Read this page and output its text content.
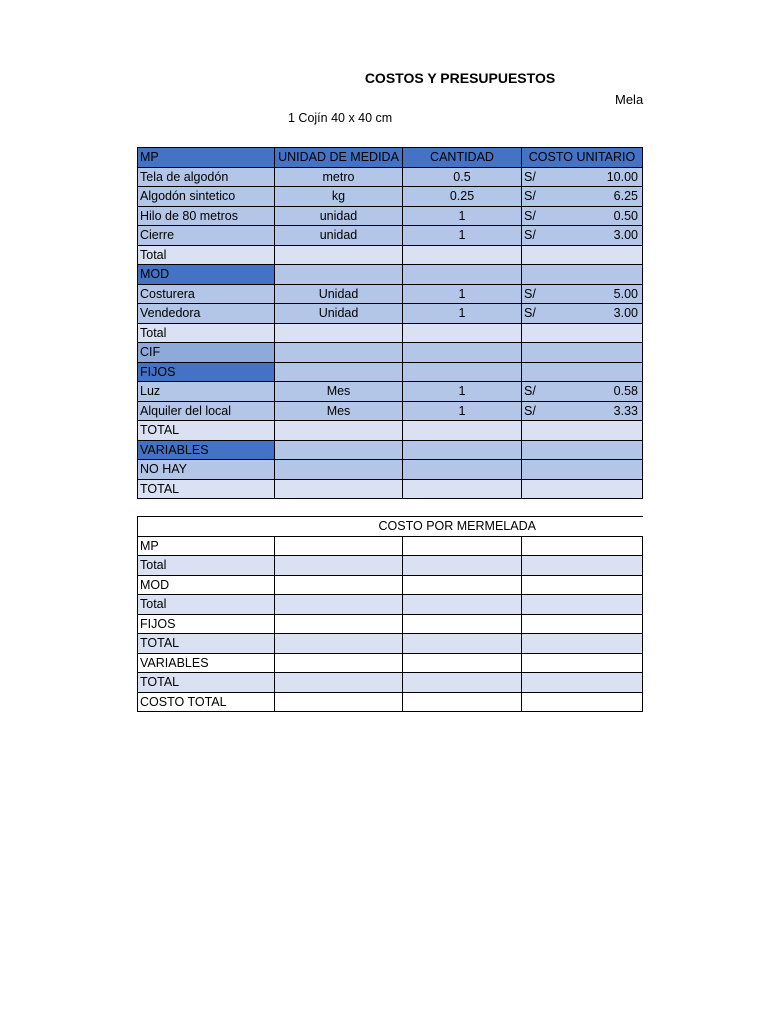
COSTOS Y PRESUPUESTOS
Mela
1 Cojín 40 x 40 cm
MP	UNIDAD DE MEDIDA	CANTIDAD	COSTO UNITARIO
Tela de algodón	metro	0.5	S/ 10.00

Algodón sintetico	kg	0.25	S/ 6.25

Hilo de 80 metros	unidad	1	S/ 0.50

Cierre	unidad	1	S/ 3.00

Total			
MOD			
Costurera	Unidad	1	S/ 5.00

Vendedora	Unidad	1	S/ 3.00

Total			
CIF			
FIJOS			
Luz	Mes	1	S/ 0.58

Alquiler del local	Mes	1	S/ 3.33

TOTAL			
VARIABLES			
NO HAY			
TOTAL			
	COSTO POR MERMELADA		
MP			
Total			
MOD			
Total			
FIJOS			
TOTAL			
VARIABLES			
TOTAL			
COSTO TOTAL			
